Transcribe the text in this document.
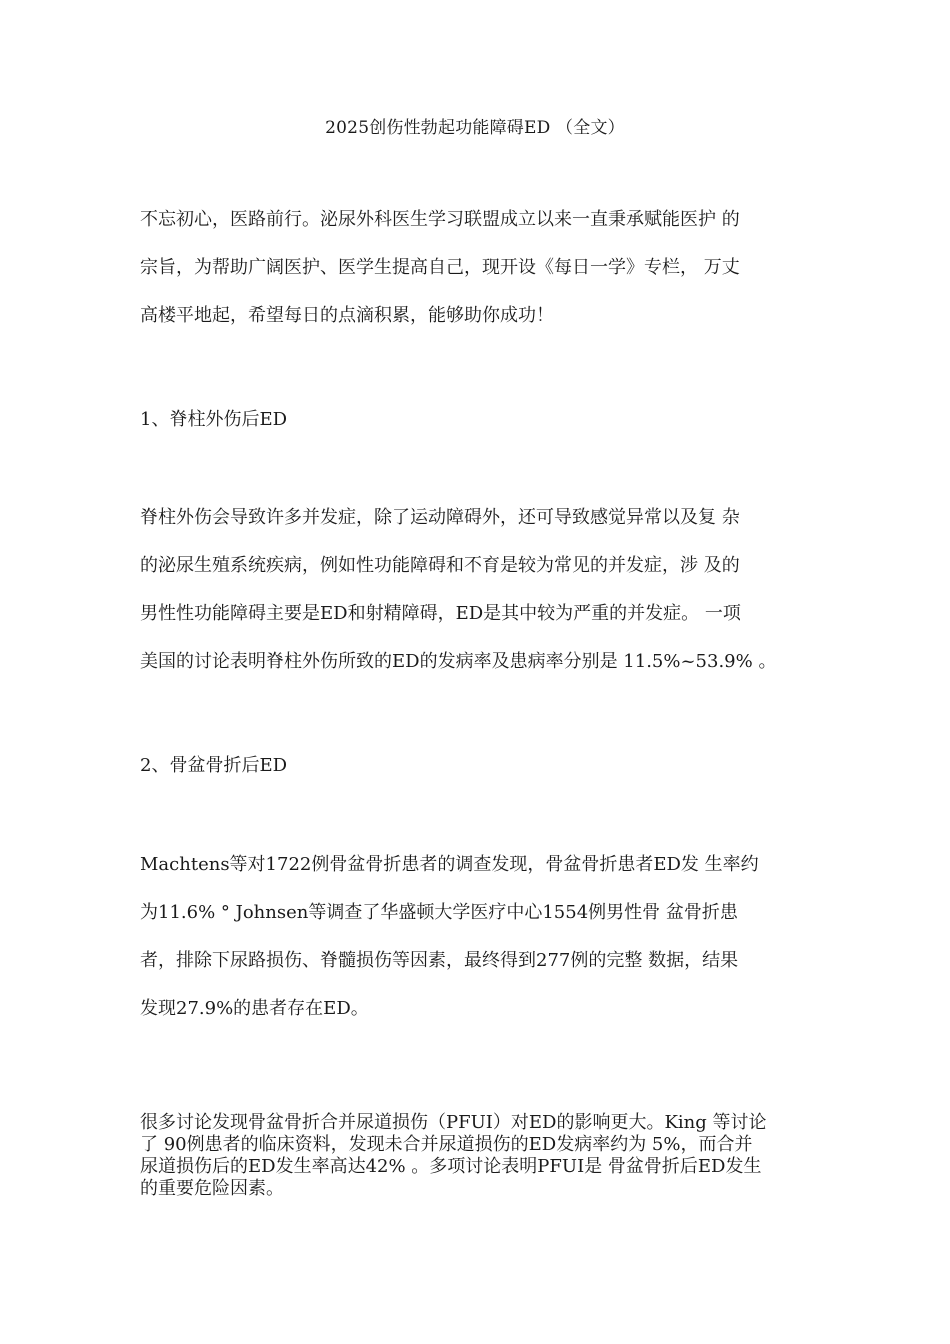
2025创伤性勃起功能障碍ED （全文）
不忘初心，医路前行。泌尿外科医生学习联盟成立以来一直秉承赋能医护 的
宗旨，为帮助广阔医护、医学生提高自己，现开设《每日一学》专栏， 万丈
高楼平地起，希望每日的点滴积累，能够助你成功！
1、脊柱外伤后ED
脊柱外伤会导致许多并发症，除了运动障碍外，还可导致感觉异常以及复 杂
的泌尿生殖系统疾病，例如性功能障碍和不育是较为常见的并发症，涉 及的
男性性功能障碍主要是ED和射精障碍，ED是其中较为严重的并发症。 一项
美国的讨论表明脊柱外伤所致的ED的发病率及患病率分别是 11.5%~53.9% 。
2、骨盆骨折后ED
Machtens等对1722例骨盆骨折患者的调查发现，骨盆骨折患者ED发 生率约
为11.6% ° Johnsen等调查了华盛顿大学医疗中心1554例男性骨 盆骨折患
者，排除下尿路损伤、脊髓损伤等因素，最终得到277例的完整 数据，结果
发现27.9%的患者存在ED。
很多讨论发现骨盆骨折合并尿道损伤（PFUI）对ED的影响更大。King 等讨论
了 90例患者的临床资料，发现未合并尿道损伤的ED发病率约为 5%，而合并
尿道损伤后的ED发生率高达42% 。多项讨论表明PFUI是 骨盆骨折后ED发生
的重要危险因素。
